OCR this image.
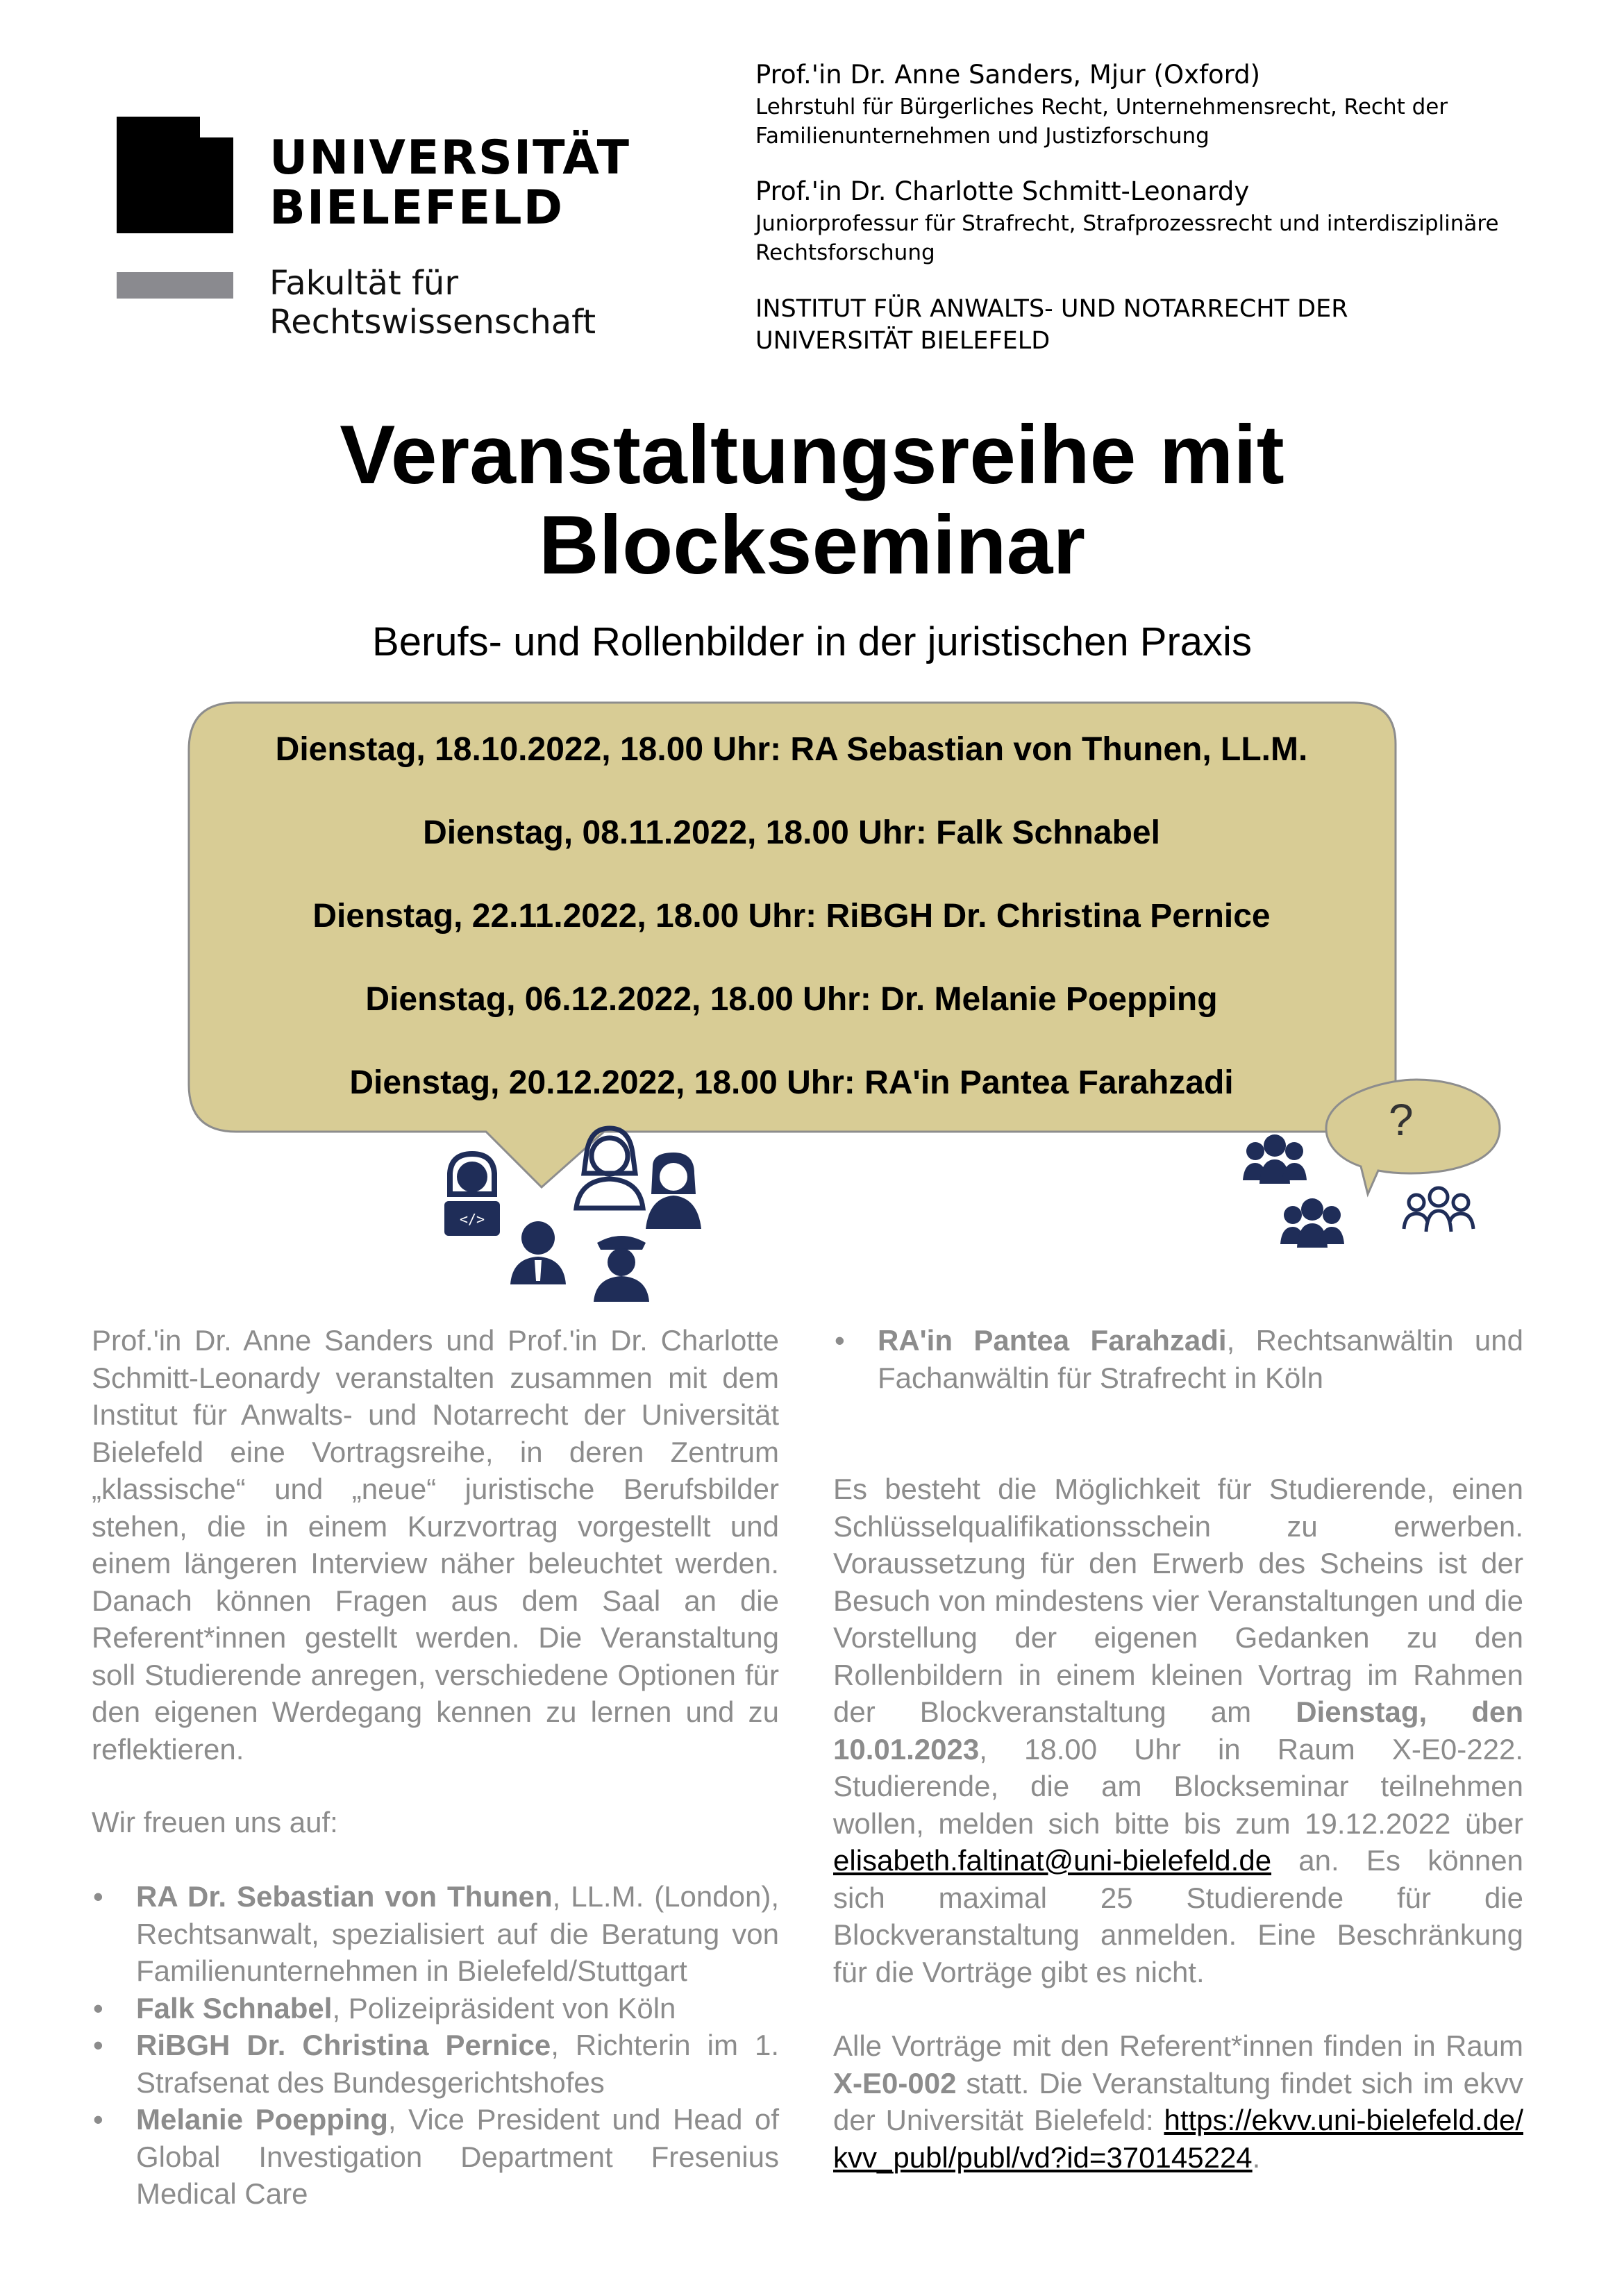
UNIVERSITÄT
BIELEFELD
Fakultät für
Rechtswissenschaft
Prof.'in Dr. Anne Sanders, Mjur (Oxford)
Lehrstuhl für Bürgerliches Recht, Unternehmensrecht, Recht der
Familienunternehmen und Justizforschung
Prof.'in Dr. Charlotte Schmitt-Leonardy
Juniorprofessur für Strafrecht, Strafprozessrecht und interdisziplinäre
Rechtsforschung
INSTITUT FÜR ANWALTS- UND NOTARRECHT DER
UNIVERSITÄT BIELEFELD
Veranstaltungsreihe mit
Blockseminar
Berufs- und Rollenbilder in der juristischen Praxis
</>
?
Dienstag, 18.10.2022, 18.00 Uhr: RA Sebastian von Thunen, LL.M.
Dienstag, 08.11.2022, 18.00 Uhr: Falk Schnabel
Dienstag, 22.11.2022, 18.00 Uhr: RiBGH Dr. Christina Pernice
Dienstag, 06.12.2022, 18.00 Uhr: Dr. Melanie Poepping
Dienstag, 20.12.2022, 18.00 Uhr: RA'in Pantea Farahzadi
Prof.'in Dr. Anne Sanders und Prof.'in Dr. Charlotte Schmitt-Leonardy veranstalten zusammen mit dem Institut für Anwalts- und Notarrecht der Universität Bielefeld eine Vortragsreihe, in deren Zentrum „klassische“ und „neue“ juristische Berufsbilder stehen, die in einem Kurzvortrag vorgestellt und einem längeren Interview näher beleuchtet werden. Danach können Fragen aus dem Saal an die Referent*innen gestellt werden. Die Veranstaltung soll Studierende anregen, verschiedene Optionen für den eigenen Werdegang kennen zu lernen und zu reflektieren.
Wir freuen uns auf:
• RA Dr. Sebastian von Thunen, LL.M. (London), Rechtsanwalt, spezialisiert auf die Beratung von Familienunternehmen in Bielefeld/Stuttgart
• Falk Schnabel, Polizeipräsident von Köln
• RiBGH Dr. Christina Pernice, Richterin im 1. Strafsenat des Bundesgerichtshofes
• Melanie Poepping, Vice President und Head of Global Investigation Department Fresenius Medical Care
• RA'in Pantea Farahzadi, Rechtsanwältin und Fachanwältin für Strafrecht in Köln
Es besteht die Möglichkeit für Studierende, einen Schlüsselqualifikationsschein zu erwerben. Voraussetzung für den Erwerb des Scheins ist der Besuch von mindestens vier Veranstaltungen und die Vorstellung der eigenen Gedanken zu den Rollenbildern in einem kleinen Vortrag im Rahmen der Blockveranstaltung am Dienstag, den 10.01.2023, 18.00 Uhr in Raum X-E0-222. Studierende, die am Blockseminar teilnehmen wollen, melden sich bitte bis zum 19.12.2022 über elisabeth.faltinat@uni-bielefeld.de an. Es können sich maximal 25 Studierende für die Blockveranstaltung anmelden. Eine Beschränkung für die Vorträge gibt es nicht.
Alle Vorträge mit den Referent*innen finden in Raum X-E0-002 statt. Die Veranstaltung findet sich im ekvv der Universität Bielefeld: https://ekvv.uni-bielefeld.de/kvv_publ/publ/vd?id=370145224.
